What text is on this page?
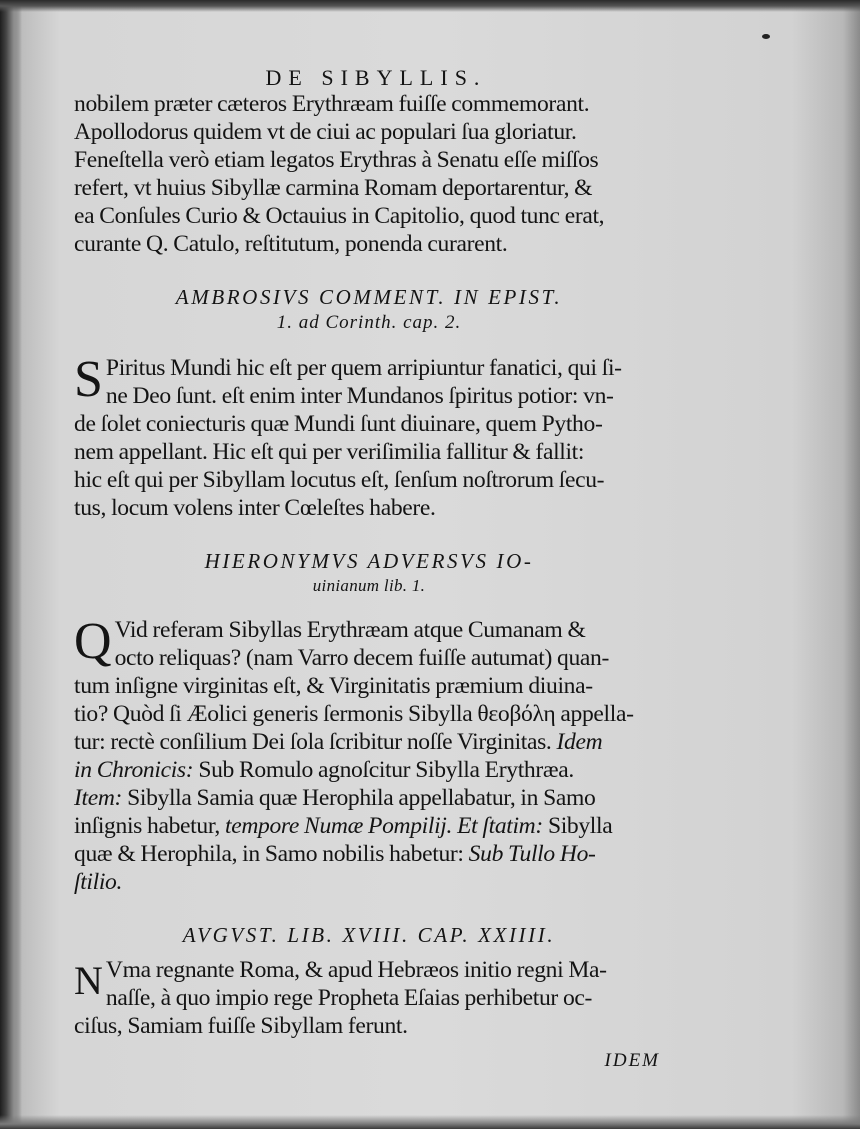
DE SIBYLLIS.
nobilem præter cæteros Erythræam fuiſſe commemorant.
Apollodorus quidem vt de ciui ac populari ſua gloriatur.
Feneſtella verò etiam legatos Erythras à Senatu eſſe miſſos
refert, vt huius Sibyllæ carmina Romam deportarentur, &
ea Conſules Curio & Octauius in Capitolio, quod tunc erat,
curante Q. Catulo, reſtitutum, ponenda curarent.
AMBROSIVS COMMENT. IN EPIST.
1. ad Corinth. cap. 2.
S Piritus Mundi hic eſt per quem arripiuntur fanatici, qui ſi-
ne Deo ſunt. eſt enim inter Mundanos ſpiritus potior: vn-
de ſolet coniecturis quæ Mundi ſunt diuinare, quem Pytho-
nem appellant. Hic eſt qui per veriſimilia fallitur & fallit:
hic eſt qui per Sibyllam locutus eſt, ſenſum noſtrorum ſecu-
tus, locum volens inter Cœleſtes habere.
HIERONYMVS ADVERSVS IO-
uinianum lib. 1.
Q Vid referam Sibyllas Erythræam atque Cumanam &
octo reliquas? (nam Varro decem fuiſſe autumat) quan-
tum inſigne virginitas eſt, & Virginitatis præmium diuina-
tio? Quòd ſi Æolici generis ſermonis Sibylla θεοβόλη appella-
tur: rectè conſilium Dei ſola ſcribitur noſſe Virginitas. Idem
in Chronicis: Sub Romulo agnoſcitur Sibylla Erythræa.
Item: Sibylla Samia quæ Herophila appellabatur, in Samo
inſignis habetur, tempore Numæ Pompilij. Et ſtatim: Sibylla
quæ & Herophila, in Samo nobilis habetur: Sub Tullo Ho-
ſtilio.
AVGVST. LIB. XVIII. CAP. XXIIII.
N Vma regnante Roma, & apud Hebræos initio regni Ma-
naſſe, à quo impio rege Propheta Eſaias perhibetur oc-
ciſus, Samiam fuiſſe Sibyllam ferunt.
IDEM
